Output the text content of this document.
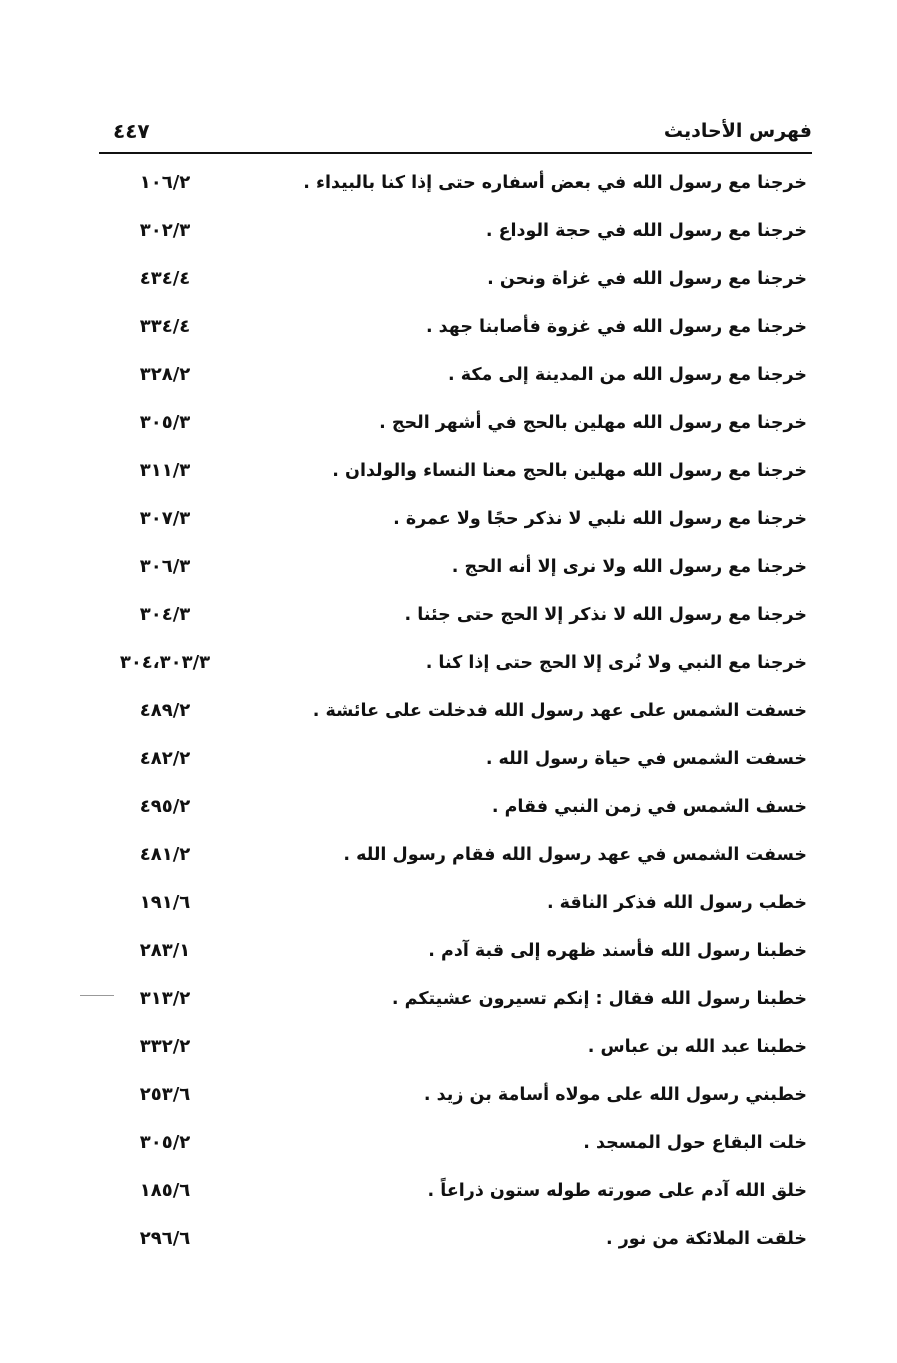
فهرس الأحاديث
٤٤٧
خرجنا مع رسول الله في بعض أسفاره حتى إذا كنا بالبيداء .
١٠٦/٢
خرجنا مع رسول الله في حجة الوداع .
٣٠٢/٣
خرجنا مع رسول الله في غزاة ونحن .
٤٣٤/٤
خرجنا مع رسول الله في غزوة فأصابنا جهد .
٣٣٤/٤
خرجنا مع رسول الله من المدينة إلى مكة .
٣٢٨/٢
خرجنا مع رسول الله مهلين بالحج في أشهر الحج .
٣٠٥/٣
خرجنا مع رسول الله مهلين بالحج معنا النساء والولدان .
٣١١/٣
خرجنا مع رسول الله نلبي لا نذكر حجًا ولا عمرة .
٣٠٧/٣
خرجنا مع رسول الله ولا نرى إلا أنه الحج .
٣٠٦/٣
خرجنا مع رسول الله لا نذكر إلا الحج حتى جئنا .
٣٠٤/٣
خرجنا مع النبي ولا نُرى إلا الحج حتى إذا كنا .
٣٠٤،٣٠٣/٣
خسفت الشمس على عهد رسول الله فدخلت على عائشة .
٤٨٩/٢
خسفت الشمس في حياة رسول الله .
٤٨٢/٢
خسف الشمس في زمن النبي فقام .
٤٩٥/٢
خسفت الشمس في عهد رسول الله فقام رسول الله .
٤٨١/٢
خطب رسول الله فذكر الناقة .
١٩١/٦
خطبنا رسول الله فأسند ظهره إلى قبة آدم .
٢٨٣/١
خطبنا رسول الله فقال : إنكم تسيرون عشيتكم .
٣١٣/٢
خطبنا عبد الله بن عباس .
٣٣٢/٢
خطبني رسول الله على مولاه أسامة بن زيد .
٢٥٣/٦
خلت البقاع حول المسجد .
٣٠٥/٢
خلق الله آدم على صورته طوله ستون ذراعاً .
١٨٥/٦
خلقت الملائكة من نور .
٢٩٦/٦
